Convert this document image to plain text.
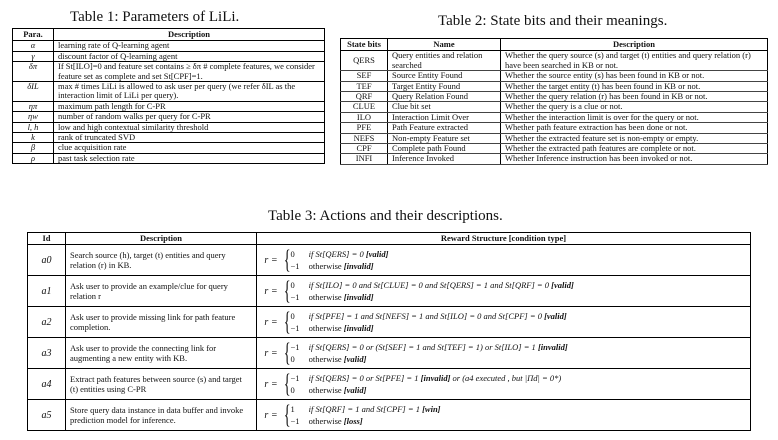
Table 1: Parameters of LiLi.
Para.	Description
α	learning rate of Q-learning agent
γ	discount factor of Q-learning agent
δπ	If St[ILO]=0 and feature set contains ≥ δπ # complete features, we consider feature set as complete and set St[CPF]=1.
δIL	max # times LiLi is allowed to ask user per query (we refer δIL as the interaction limit of LiLi per query).
ηπ	maximum path length for C-PR
ηw	number of random walks per query for C-PR
l, h	low and high contextual similarity threshold
k	rank of truncated SVD
β	clue acquisition rate
ρ	past task selection rate
Table 2: State bits and their meanings.
State bits	Name	Description
QERS	Query entities and relation searched	Whether the query source (s) and target (t) entities and query relation (r) have been searched in KB or not.
SEF	Source Entity Found	Whether the source entity (s) has been found in KB or not.
TEF	Target Entity Found	Whether the target entity (t) has been found in KB or not.
QRF	Query Relation Found	Whether the query relation (r) has been found in KB or not.
CLUE	Clue bit set	Whether the query is a clue or not.
ILO	Interaction Limit Over	Whether the interaction limit is over for the query or not.
PFE	Path Feature extracted	Whether path feature extraction has been done or not.
NEFS	Non-empty Feature set	Whether the extracted feature set is non-empty or empty.
CPF	Complete path Found	Whether the extracted path features are complete or not.
INFI	Inference Invoked	Whether Inference instruction has been invoked or not.
Table 3: Actions and their descriptions.
Id	Description	Reward Structure [condition type]
a0	Search source (h), target (t) entities and query relation (r) in KB.	r = { 0 if St[QERS] = 0 [valid]
−1 otherwise [invalid]

a1	Ask user to provide an example/clue for query relation r	r = { 0 if St[ILO] = 0 and St[CLUE] = 0 and St[QERS] = 1 and St[QRF] = 0 [valid]
−1 otherwise [invalid]

a2	Ask user to provide missing link for path feature completion.	r = { 0 if St[PFE] = 1 and St[NEFS] = 1 and St[ILO] = 0 and St[CPF] = 0 [valid]
−1 otherwise [invalid]

a3	Ask user to provide the connecting link for augmenting a new entity with KB.	r = { −1 if St[QERS] = 0 or (St[SEF] = 1 and St[TEF] = 1) or St[ILO] = 1 [invalid]
0 otherwise [valid]

a4	Extract path features between source (s) and target (t) entities using C-PR	r = { −1 if St[QERS] = 0 or St[PFE] = 1 [invalid] or (a4 executed , but |Πd| = 0*)
0 otherwise [valid]

a5	Store query data instance in data buffer and invoke prediction model for inference.	r = { 1 if St[QRF] = 1 and St[CPF] = 1 [win]
−1 otherwise [loss]
